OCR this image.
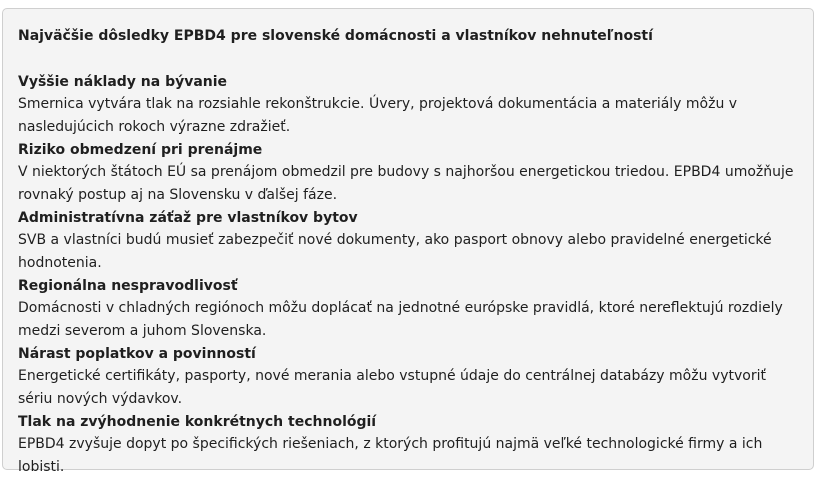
Najväčšie dôsledky EPBD4 pre slovenské domácnosti a vlastníkov nehnuteľností

Vyššie náklady na bývanie

Smernica vytvára tlak na rozsiahle rekonštrukcie. Úvery, projektová dokumentácia a materiály môžu v nasledujúcich rokoch výrazne zdražieť.

Riziko obmedzení pri prenájme

V niektorých štátoch EÚ sa prenájom obmedzil pre budovy s najhoršou energetickou triedou. EPBD4 umožňuje rovnaký postup aj na Slovensku v ďalšej fáze.

Administratívna záťaž pre vlastníkov bytov

SVB a vlastníci budú musieť zabezpečiť nové dokumenty, ako pasport obnovy alebo pravidelné energetické hodnotenia.

Regionálna nespravodlivosť

Domácnosti v chladných regiónoch môžu doplácať na jednotné európske pravidlá, ktoré nereflektujú rozdiely medzi severom a juhom Slovenska.

Nárast poplatkov a povinností

Energetické certifikáty, pasporty, nové merania alebo vstupné údaje do centrálnej databázy môžu vytvoriť sériu nových výdavkov.

Tlak na zvýhodnenie konkrétnych technológií

EPBD4 zvyšuje dopyt po špecifických riešeniach, z ktorých profitujú najmä veľké technologické firmy a ich lobisti.
